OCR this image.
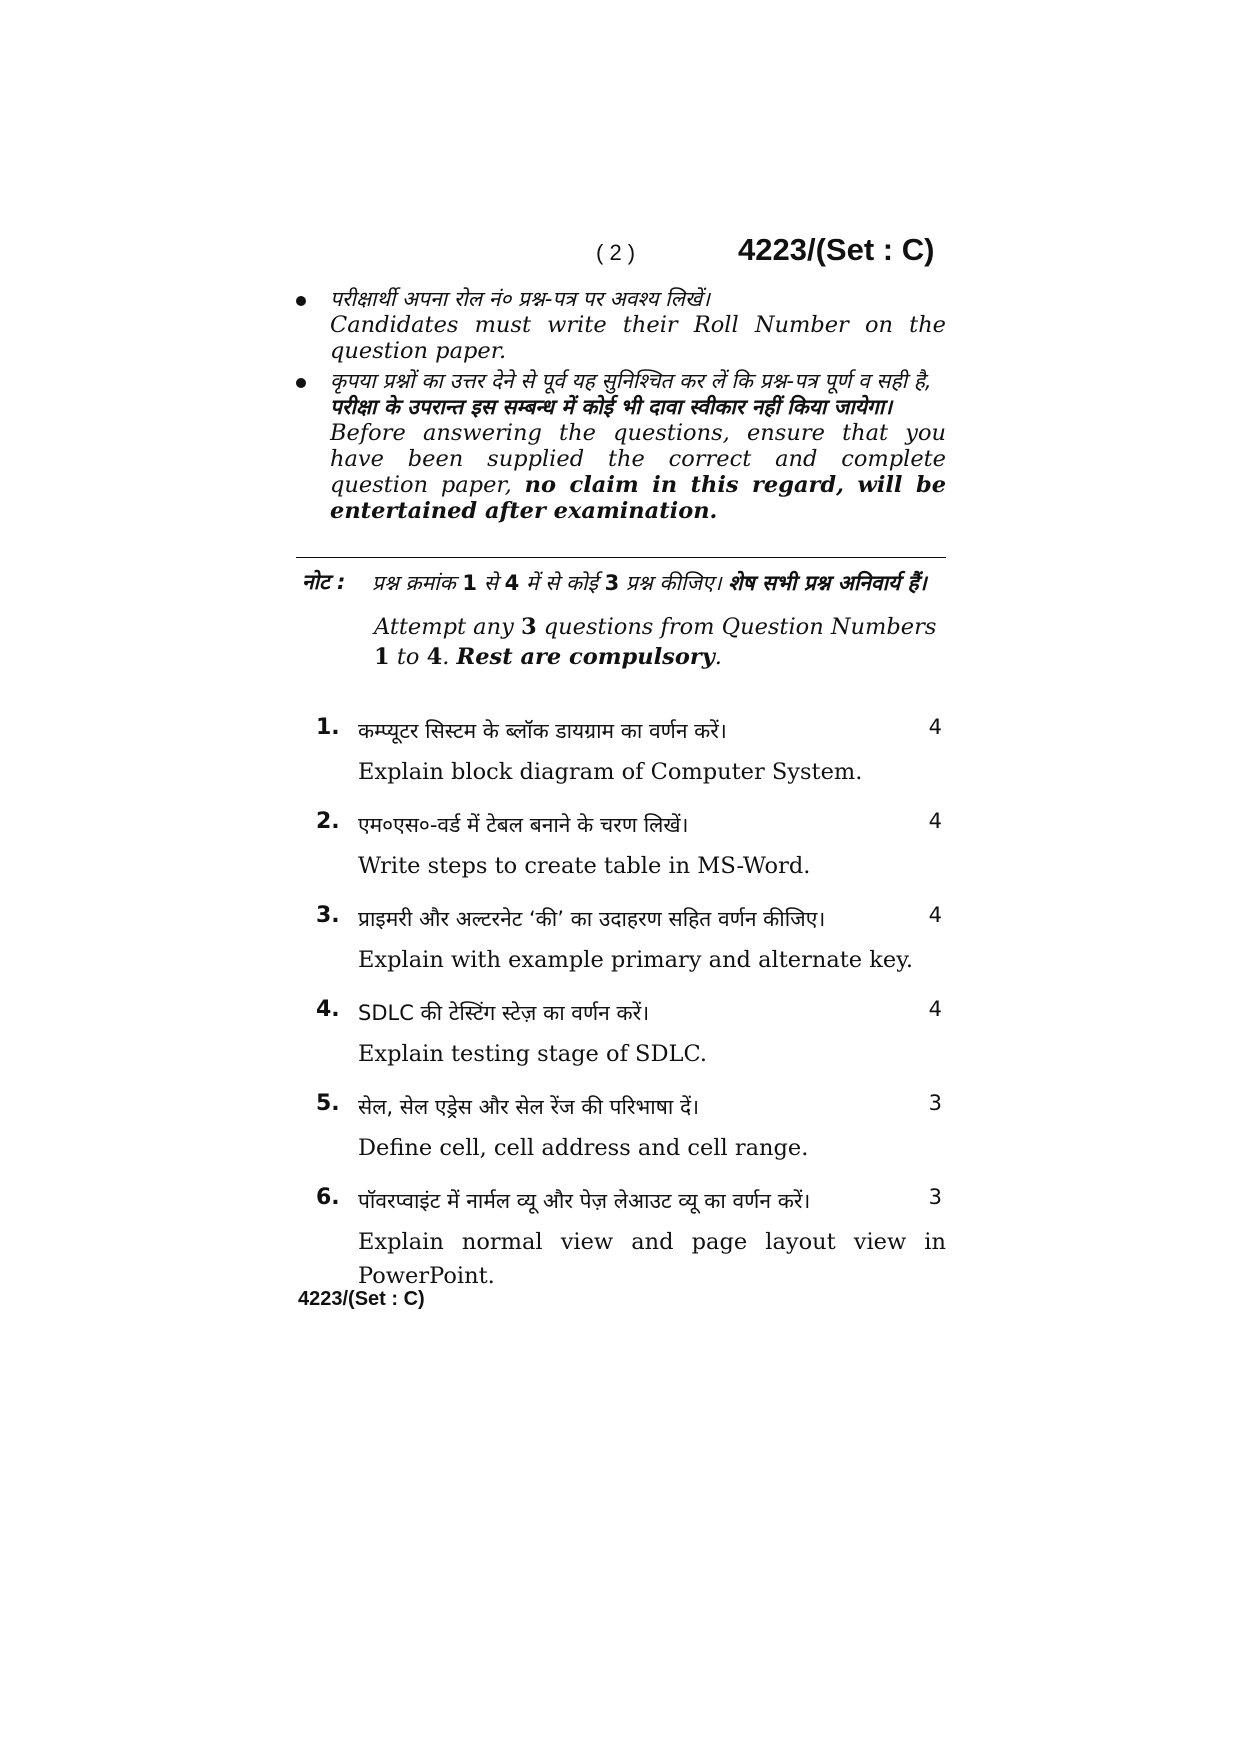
( 2 )	4223/(Set : C)
परीक्षार्थी अपना रोल नं० प्रश्न-पत्र पर अवश्य लिखें।
Candidates must write their Roll Number on the question paper.
कृपया प्रश्नों का उत्तर देने से पूर्व यह सुनिश्चित कर लें कि प्रश्न-पत्र पूर्ण व सही है, परीक्षा के उपरान्त इस सम्बन्ध में कोई भी दावा स्वीकार नहीं किया जायेगा।
Before answering the questions, ensure that you have been supplied the correct and complete question paper, no claim in this regard, will be entertained after examination.
नोट : प्रश्न क्रमांक 1 से 4 में से कोई 3 प्रश्न कीजिए। शेष सभी प्रश्न अनिवार्य हैं।
Attempt any 3 questions from Question Numbers 1 to 4. Rest are compulsory.
1. कम्प्यूटर सिस्टम के ब्लॉक डायग्राम का वर्णन करें।	4
Explain block diagram of Computer System.
2. एम०एस०-वर्ड में टेबल बनाने के चरण लिखें।	4
Write steps to create table in MS-Word.
3. प्राइमरी और अल्टरनेट ‘की’ का उदाहरण सहित वर्णन कीजिए।	4
Explain with example primary and alternate key.
4. SDLC की टेस्टिंग स्टेज़ का वर्णन करें।	4
Explain testing stage of SDLC.
5. सेल, सेल एड्रेस और सेल रेंज की परिभाषा दें।	3
Define cell, cell address and cell range.
6. पॉवरप्वाइंट में नार्मल व्यू और पेज़ लेआउट व्यू का वर्णन करें।	3
Explain normal view and page layout view in PowerPoint.
4223/(Set : C)
